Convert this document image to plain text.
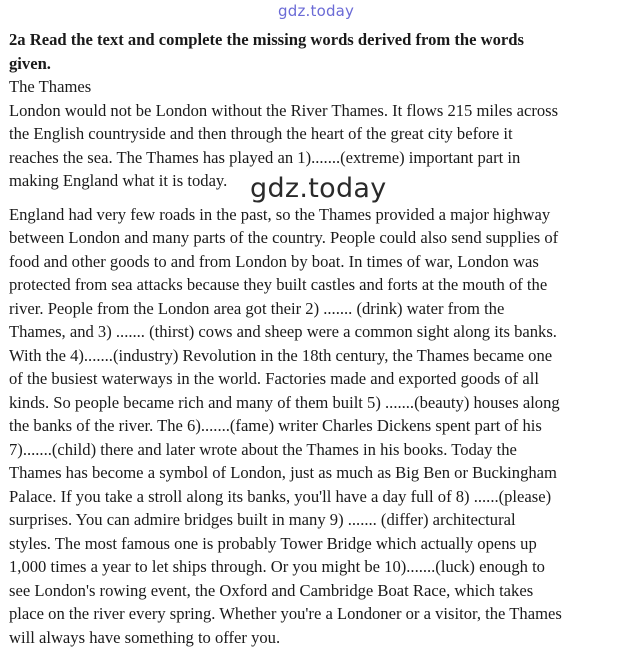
gdz.today

2a Read the text and complete the missing words derived from the words

given.

The Thames

London would not be London without the River Thames. It flows 215 miles across

the English countryside and then through the heart of the great city before it

reaches the sea. The Thames has played an 1).......(extreme) important part in

making England what it is today.

England had very few roads in the past, so the Thames provided a major highway

between London and many parts of the country. People could also send supplies of

food and other goods to and from London by boat. In times of war, London was

protected from sea attacks because they built castles and forts at the mouth of the

river. People from the London area got their 2) ....... (drink) water from the

Thames, and 3) ....... (thirst) cows and sheep were a common sight along its banks.

With the 4).......(industry) Revolution in the 18th century, the Thames became one

of the busiest waterways in the world. Factories made and exported goods of all

kinds. So people became rich and many of them built 5) .......(beauty) houses along

the banks of the river. The 6).......(fame) writer Charles Dickens spent part of his

7).......(child) there and later wrote about the Thames in his books. Today the

Thames has become a symbol of London, just as much as Big Ben or Buckingham

Palace. If you take a stroll along its banks, you'll have a day full of 8) ......(please)

surprises. You can admire bridges built in many 9) ....... (differ) architectural

styles. The most famous one is probably Tower Bridge which actually opens up

1,000 times a year to let ships through. Or you might be 10).......(luck) enough to

see London's rowing event, the Oxford and Cambridge Boat Race, which takes

place on the river every spring. Whether you're a Londoner or a visitor, the Thames

will always have something to offer you.

gdz.today
